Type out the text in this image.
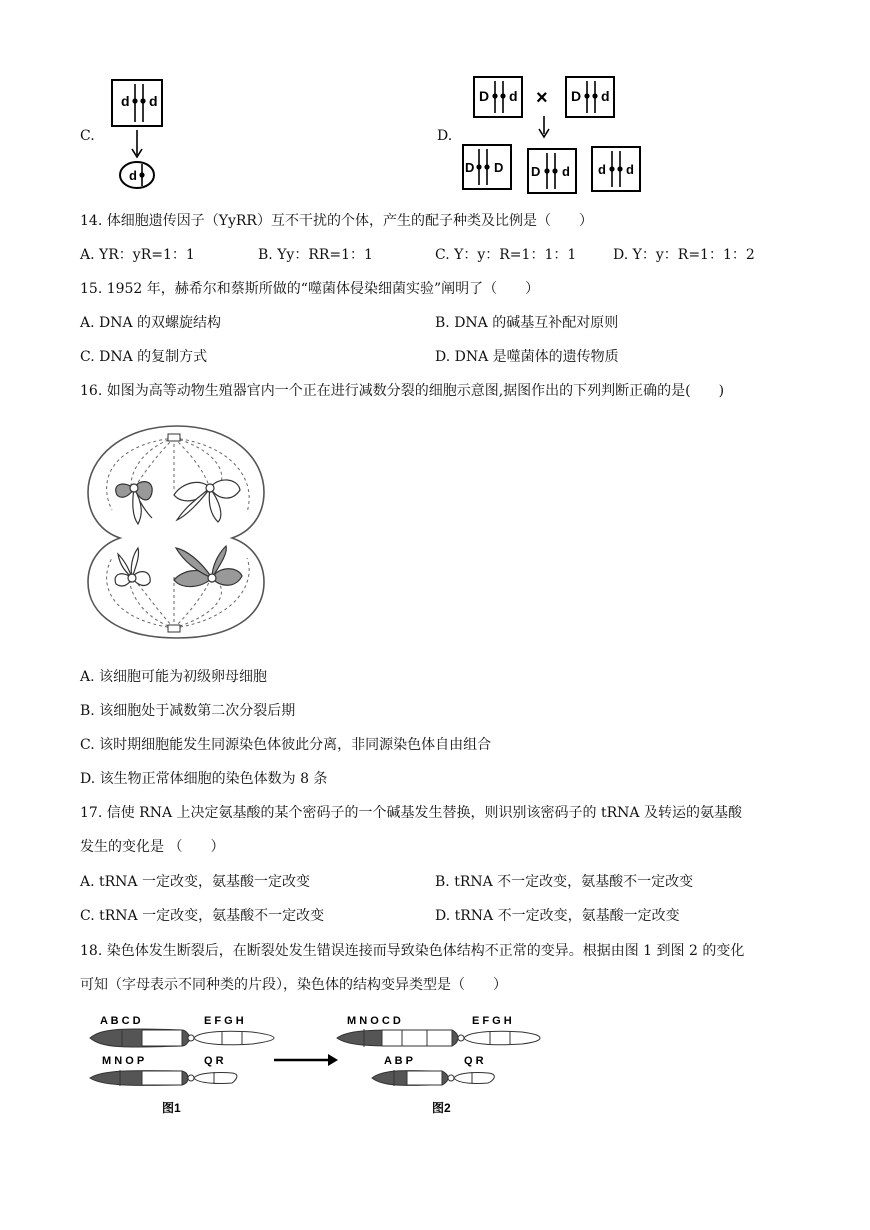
C.
d d
d
D.
D d × D d
D D D d d d
14. 体细胞遗传因子（YyRR）互不干扰的个体，产生的配子种类及比例是（　　）
A. YR：yR=1：1	B. Yy：RR=1：1	C. Y：y：R=1：1：1	D. Y：y：R=1：1：2
15. 1952 年，赫希尔和蔡斯所做的“噬菌体侵染细菌实验”阐明了（　　）
A. DNA 的双螺旋结构	B. DNA 的碱基互补配对原则
C. DNA 的复制方式	D. DNA 是噬菌体的遗传物质
16. 如图为高等动物生殖器官内一个正在进行减数分裂的细胞示意图,据图作出的下列判断正确的是(　　)
A. 该细胞可能为初级卵母细胞
B. 该细胞处于减数第二次分裂后期
C. 该时期细胞能发生同源染色体彼此分离，非同源染色体自由组合
D. 该生物正常体细胞的染色体数为 8 条
17. 信使 RNA 上决定氨基酸的某个密码子的一个碱基发生替换，则识别该密码子的 tRNA 及转运的氨基酸
发生的变化是 （　　）
A. tRNA 一定改变，氨基酸一定改变	B. tRNA 不一定改变，氨基酸不一定改变
C. tRNA 一定改变，氨基酸不一定改变	D. tRNA 不一定改变，氨基酸一定改变
18. 染色体发生断裂后，在断裂处发生错误连接而导致染色体结构不正常的变异。根据由图 1 到图 2 的变化
可知（字母表示不同种类的片段），染色体的结构变异类型是（　　）
A B C D	E F G H
M N O P	Q R
图1
M N O C D	E F G H
A B P	Q R
图2
